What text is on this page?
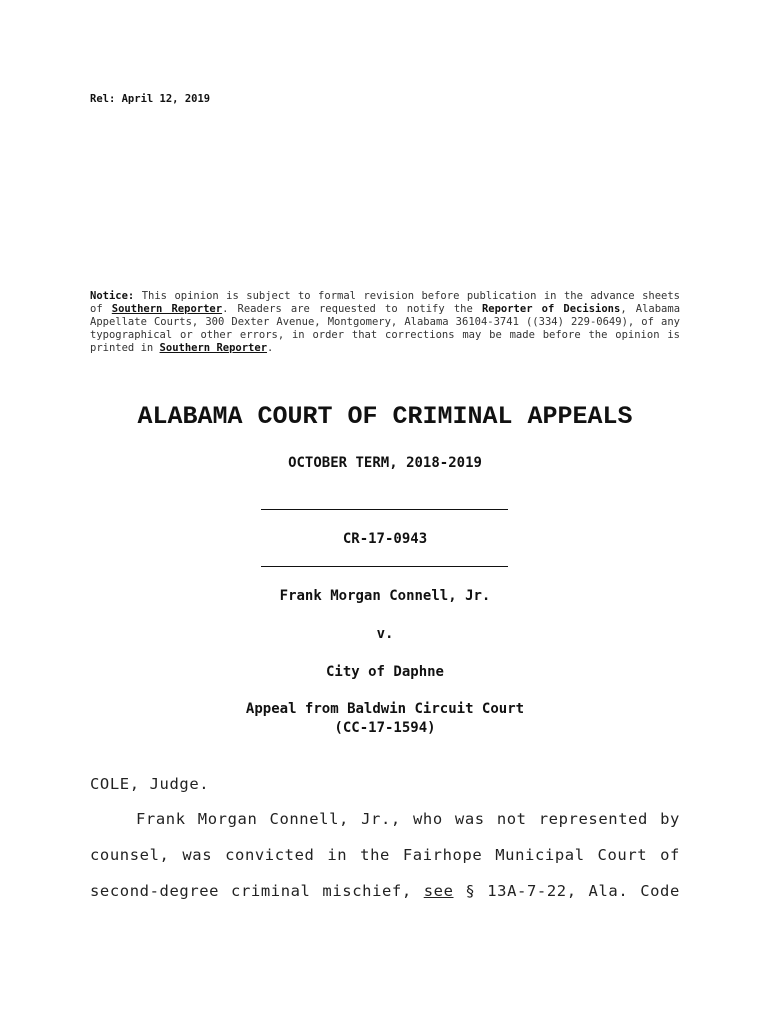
Rel: April 12, 2019
Notice: This opinion is subject to formal revision before publication in the advance sheets of Southern Reporter. Readers are requested to notify the Reporter of Decisions, Alabama Appellate Courts, 300 Dexter Avenue, Montgomery, Alabama 36104-3741 ((334) 229-0649), of any typographical or other errors, in order that corrections may be made before the opinion is printed in Southern Reporter.
ALABAMA COURT OF CRIMINAL APPEALS
OCTOBER TERM, 2018-2019
CR-17-0943
Frank Morgan Connell, Jr.
v.
City of Daphne
Appeal from Baldwin Circuit Court
(CC-17-1594)
COLE, Judge.
Frank Morgan Connell, Jr., who was not represented by
counsel, was convicted in the Fairhope Municipal Court of
second-degree criminal mischief, see § 13A-7-22, Ala. Code
